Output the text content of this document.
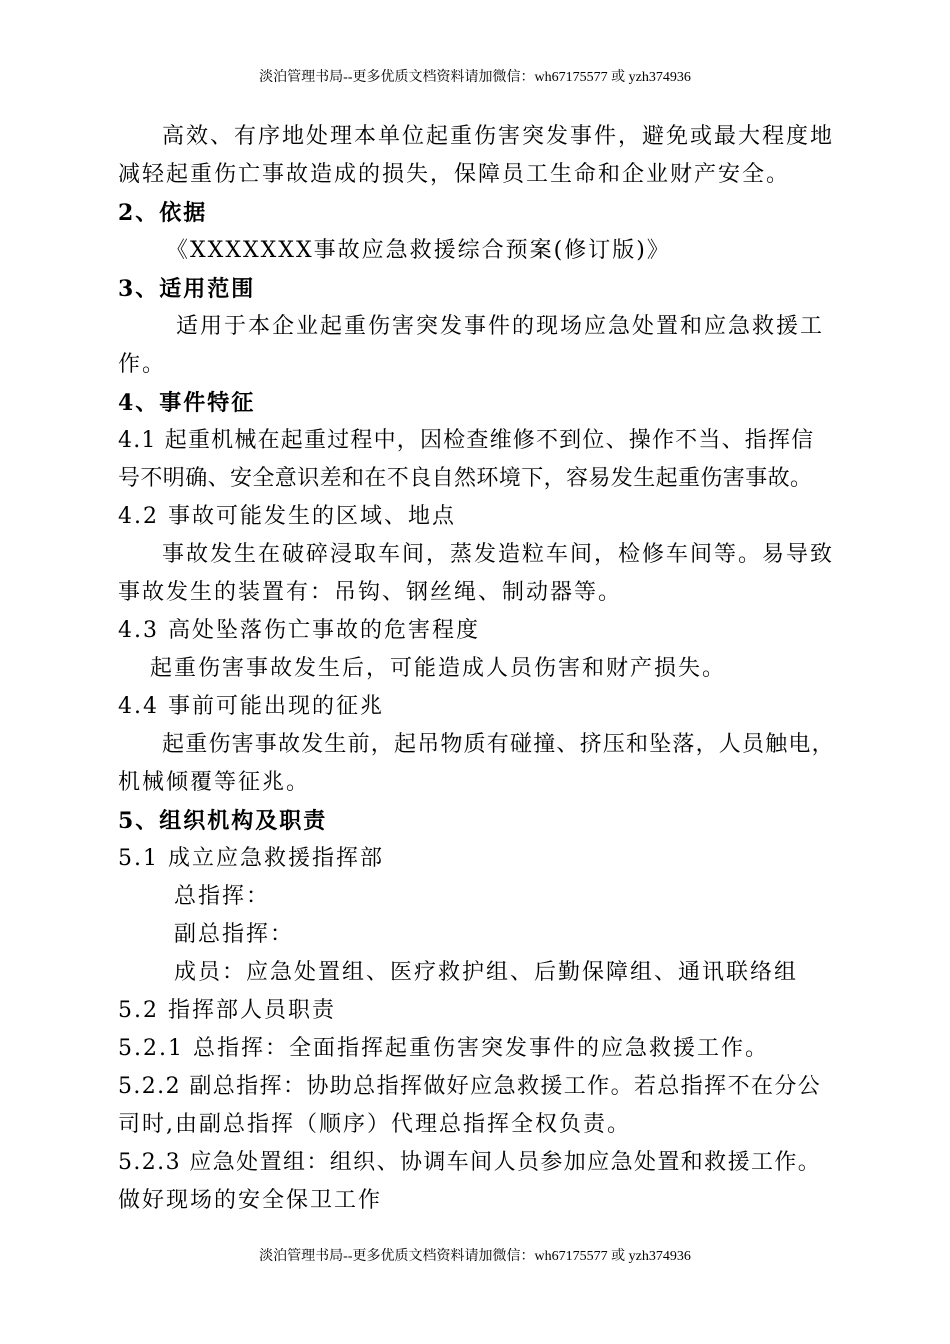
淡泊管理书局--更多优质文档资料请加微信：wh67175577 或 yzh374936
高效、有序地处理本单位起重伤害突发事件，避免或最大程度地
减轻起重伤亡事故造成的损失，保障员工生命和企业财产安全。
2、依据
《XXXXXXX事故应急救援综合预案(修订版)》
3、适用范围
适用于本企业起重伤害突发事件的现场应急处置和应急救援工
作。
4、事件特征
4.1 起重机械在起重过程中，因检查维修不到位、操作不当、指挥信
号不明确、安全意识差和在不良自然环境下，容易发生起重伤害事故。
4.2 事故可能发生的区域、地点
事故发生在破碎浸取车间，蒸发造粒车间，检修车间等。易导致
事故发生的装置有：吊钩、钢丝绳、制动器等。
4.3 高处坠落伤亡事故的危害程度
起重伤害事故发生后，可能造成人员伤害和财产损失。
4.4 事前可能出现的征兆
起重伤害事故发生前，起吊物质有碰撞、挤压和坠落，人员触电，
机械倾覆等征兆。
5、组织机构及职责
5.1 成立应急救援指挥部
总指挥：
副总指挥：
成员：应急处置组、医疗救护组、后勤保障组、通讯联络组
5.2 指挥部人员职责
5.2.1 总指挥：全面指挥起重伤害突发事件的应急救援工作。
5.2.2 副总指挥：协助总指挥做好应急救援工作。若总指挥不在分公
司时,由副总指挥（顺序）代理总指挥全权负责。
5.2.3 应急处置组：组织、协调车间人员参加应急处置和救援工作。
做好现场的安全保卫工作
淡泊管理书局--更多优质文档资料请加微信：wh67175577 或 yzh374936
